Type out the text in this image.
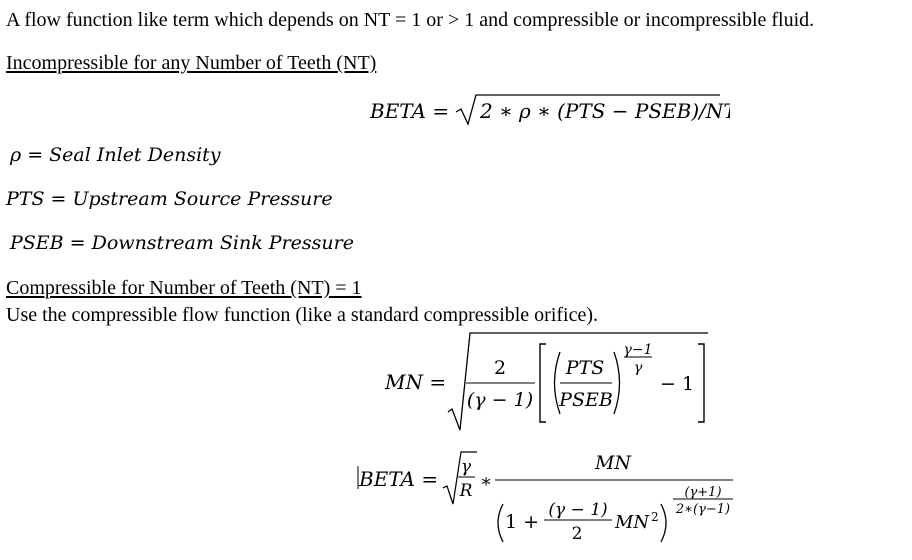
A flow function like term which depends on NT = 1 or > 1 and compressible or incompressible fluid.
Incompressible for any Number of Teeth (NT)
BETA = 2 ∗ ρ ∗ (PTS − PSEB)/NT
ρ = Seal Inlet Density
PTS = Upstream Source Pressure
PSEB = Downstream Sink Pressure
Compressible for Number of Teeth (NT) = 1
Use the compressible flow function (like a standard compressible orifice).
MN =
2
(γ − 1)
PTS
PSEB
γ−1
γ
− 1
BETA = γ
R ∗
MN
1 +
(γ − 1)
2
MN 2
(γ+1)
2∗(γ−1)
